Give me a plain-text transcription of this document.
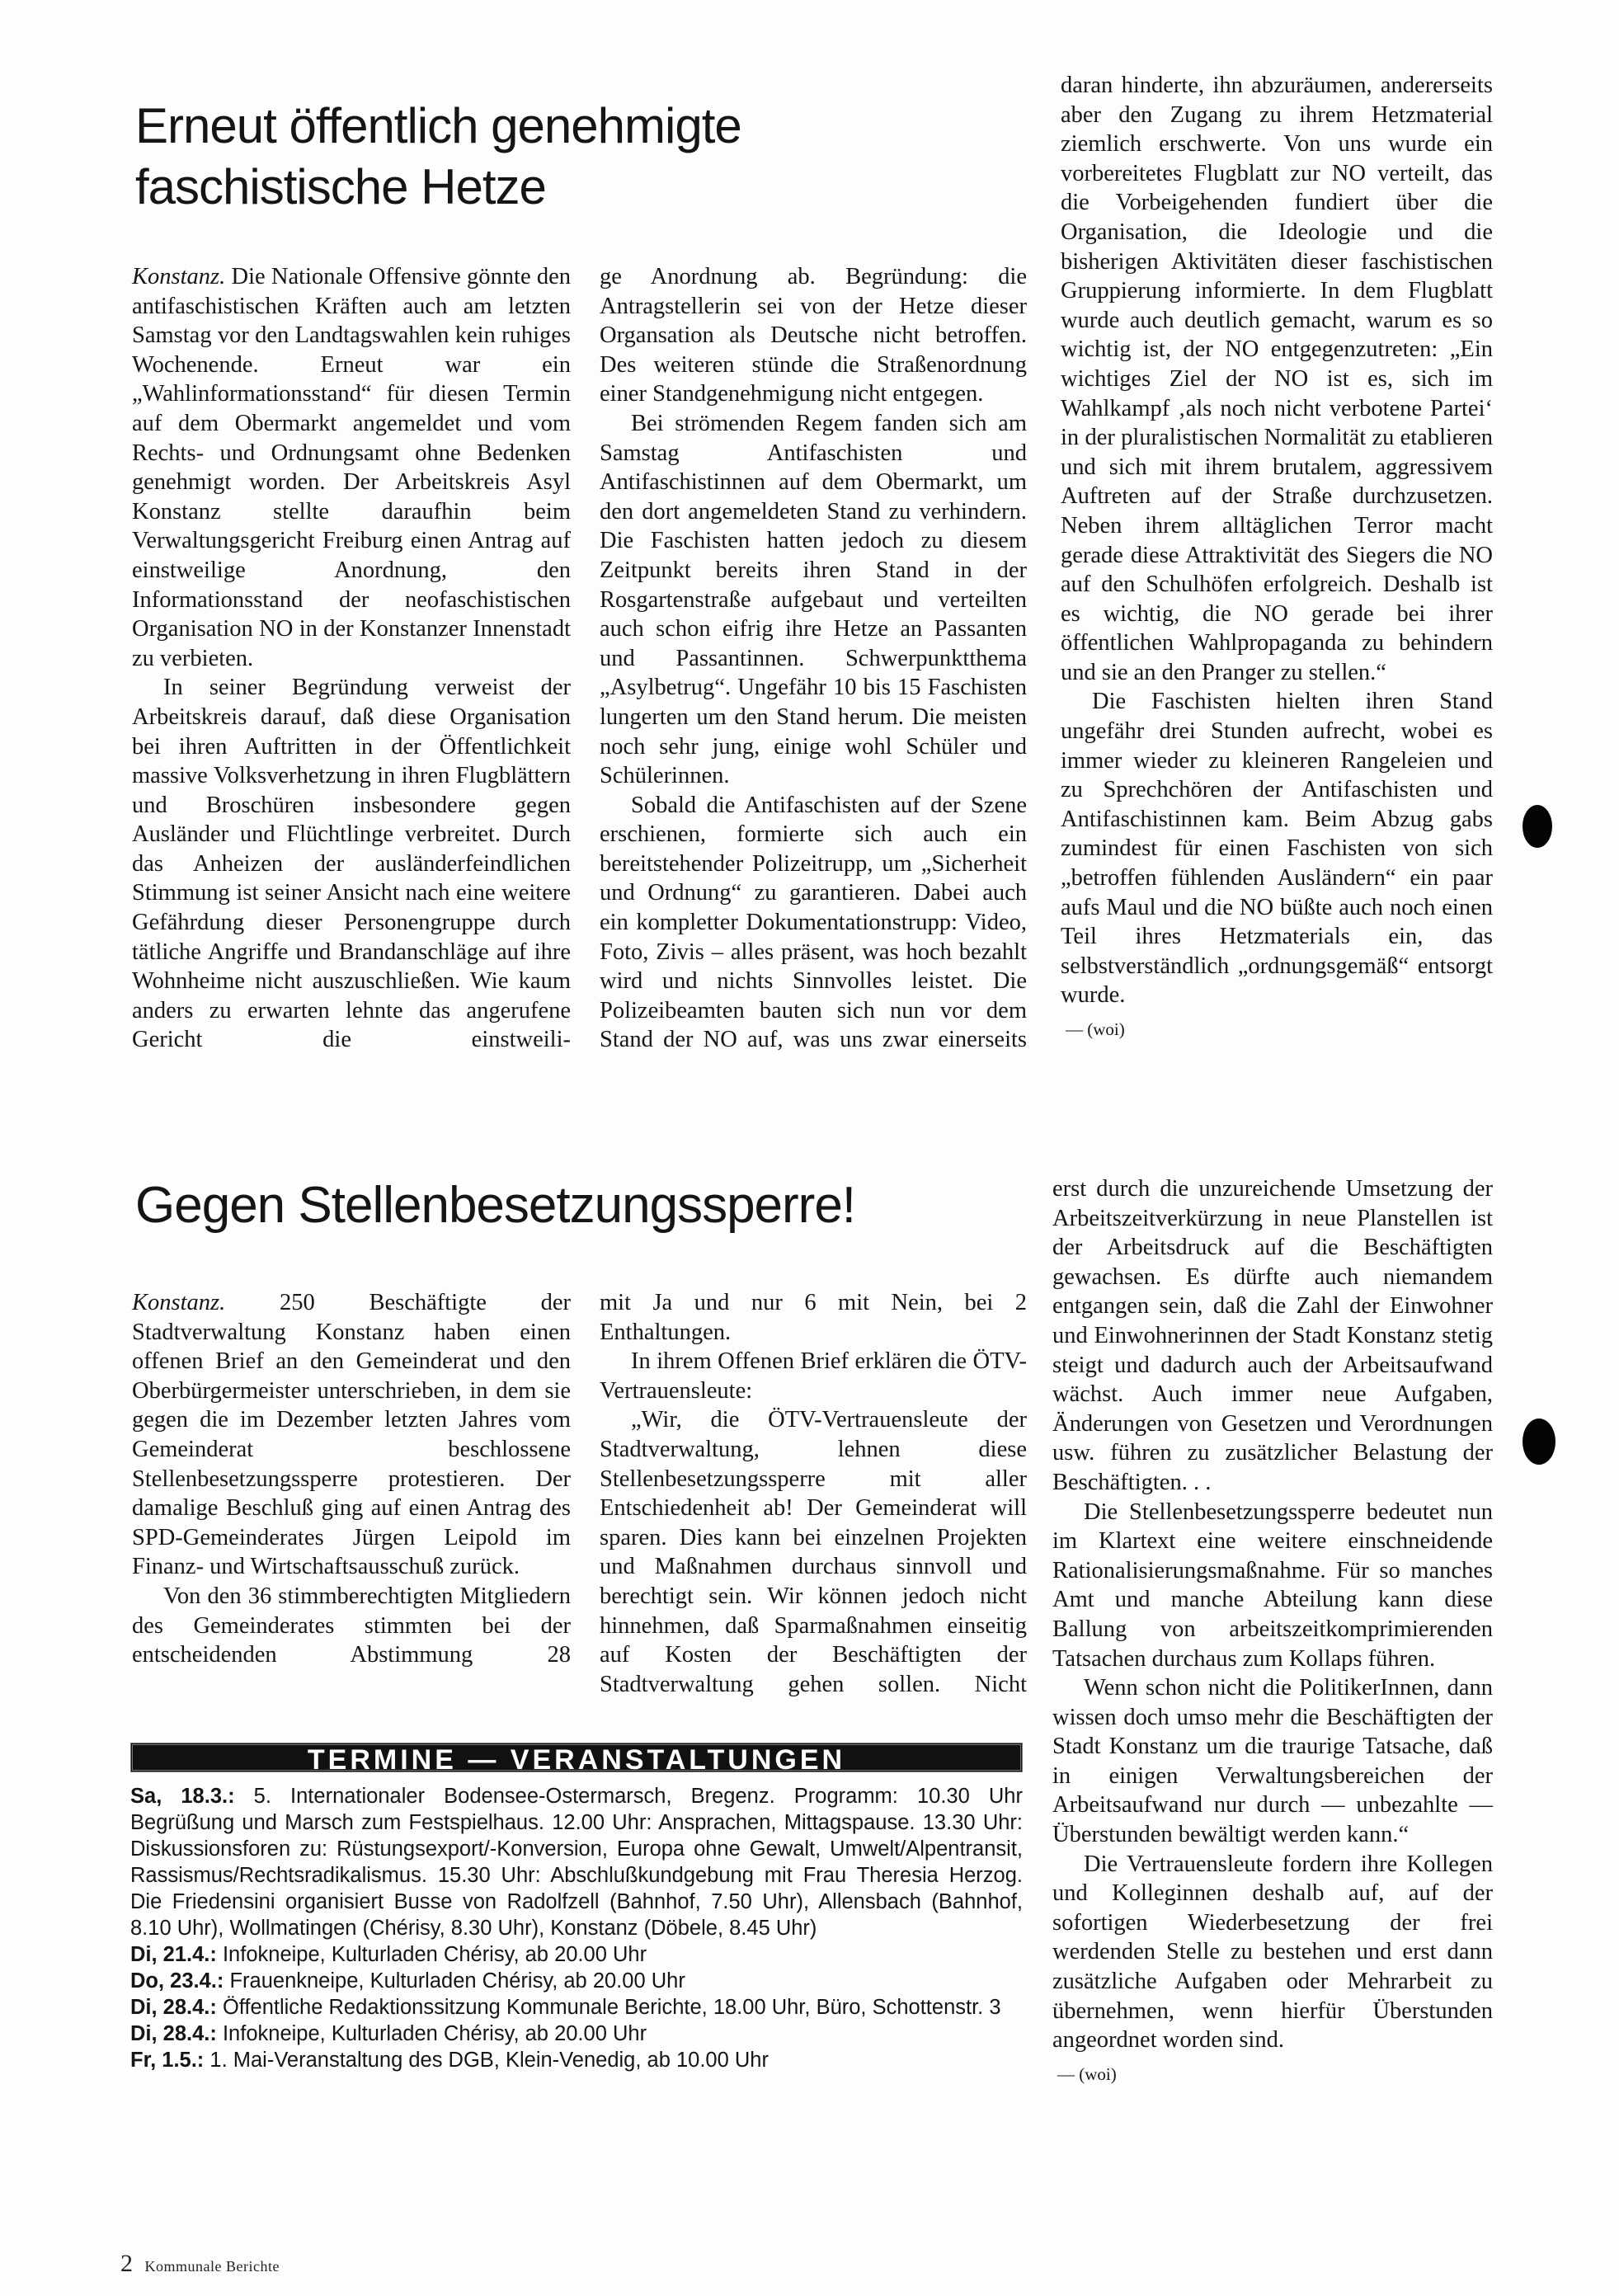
Erneut öffentlich genehmigte
faschistische Hetze

Konstanz. Die Nationale Offensive gönnte den antifaschistischen Kräften auch am letzten Samstag vor den Landtagswahlen kein ruhiges Wochenende. Erneut war ein „Wahlinformationsstand“ für diesen Termin auf dem Obermarkt angemeldet und vom Rechts- und Ordnungsamt ohne Bedenken genehmigt worden. Der Arbeitskreis Asyl Konstanz stellte daraufhin beim Verwaltungsgericht Freiburg einen Antrag auf einstweilige Anordnung, den Informationsstand der neofaschistischen Organisation NO in der Konstanzer Innenstadt zu verbieten.

In seiner Begründung verweist der Arbeitskreis darauf, daß diese Organisation bei ihren Auftritten in der Öffentlichkeit massive Volksverhetzung in ihren Flugblättern und Broschüren insbesondere gegen Ausländer und Flüchtlinge verbreitet. Durch das Anheizen der ausländerfeindlichen Stimmung ist seiner Ansicht nach eine weitere Gefährdung dieser Personengruppe durch tätliche Angriffe und Brandanschläge auf ihre Wohnheime nicht auszuschließen. Wie kaum anders zu erwarten lehnte das angerufene Gericht die einstweili-

ge Anordnung ab. Begründung: die Antragstellerin sei von der Hetze dieser Organsation als Deutsche nicht betroffen. Des weiteren stünde die Straßenordnung einer Standgenehmigung nicht entgegen.

Bei strömenden Regem fanden sich am Samstag Antifaschisten und Antifaschistinnen auf dem Obermarkt, um den dort angemeldeten Stand zu verhindern. Die Faschisten hatten jedoch zu diesem Zeitpunkt bereits ihren Stand in der Rosgartenstraße aufgebaut und verteilten auch schon eifrig ihre Hetze an Passanten und Passantinnen. Schwerpunktthema „Asylbetrug“. Ungefähr 10 bis 15 Faschisten lungerten um den Stand herum. Die meisten noch sehr jung, einige wohl Schüler und Schülerinnen.

Sobald die Antifaschisten auf der Szene erschienen, formierte sich auch ein bereitstehender Polizeitrupp, um „Sicherheit und Ordnung“ zu garantieren. Dabei auch ein kompletter Dokumentationstrupp: Video, Foto, Zivis – alles präsent, was hoch bezahlt wird und nichts Sinnvolles leistet. Die Polizeibeamten bauten sich nun vor dem Stand der NO auf, was uns zwar einerseits

daran hinderte, ihn abzuräumen, andererseits aber den Zugang zu ihrem Hetzmaterial ziemlich erschwerte. Von uns wurde ein vorbereitetes Flugblatt zur NO verteilt, das die Vorbeigehenden fundiert über die Organisation, die Ideologie und die bisherigen Aktivitäten dieser faschistischen Gruppierung informierte. In dem Flugblatt wurde auch deutlich gemacht, warum es so wichtig ist, der NO entgegenzutreten: „Ein wichtiges Ziel der NO ist es, sich im Wahlkampf ‚als noch nicht verbotene Partei‘ in der pluralistischen Normalität zu etablieren und sich mit ihrem brutalem, aggressivem Auftreten auf der Straße durchzusetzen. Neben ihrem alltäglichen Terror macht gerade diese Attraktivität des Siegers die NO auf den Schulhöfen erfolgreich. Deshalb ist es wichtig, die NO gerade bei ihrer öffentlichen Wahlpropaganda zu behindern und sie an den Pranger zu stellen.“

Die Faschisten hielten ihren Stand ungefähr drei Stunden aufrecht, wobei es immer wieder zu kleineren Rangeleien und zu Sprechchören der Antifaschisten und Antifaschistinnen kam. Beim Abzug gabs zumindest für einen Faschisten von sich „betroffen fühlenden Ausländern“ ein paar aufs Maul und die NO büßte auch noch einen Teil ihres Hetzmaterials ein, das selbstverständlich „ordnungsgemäß“ entsorgt wurde.

— (woi)

Gegen Stellenbesetzungssperre!

Konstanz. 250 Beschäftigte der Stadtverwaltung Konstanz haben einen offenen Brief an den Gemeinderat und den Oberbürgermeister unterschrieben, in dem sie gegen die im Dezember letzten Jahres vom Gemeinderat beschlossene Stellenbesetzungssperre protestieren. Der damalige Beschluß ging auf einen Antrag des SPD-Gemeinderates Jürgen Leipold im Finanz- und Wirtschaftsausschuß zurück.

Von den 36 stimmberechtigten Mitgliedern des Gemeinderates stimmten bei der entscheidenden Abstimmung 28

mit Ja und nur 6 mit Nein, bei 2 Enthaltungen.

In ihrem Offenen Brief erklären die ÖTV-Vertrauensleute:

„Wir, die ÖTV-Vertrauensleute der Stadtverwaltung, lehnen diese Stellenbesetzungssperre mit aller Entschiedenheit ab! Der Gemeinderat will sparen. Dies kann bei einzelnen Projekten und Maßnahmen durchaus sinnvoll und berechtigt sein. Wir können jedoch nicht hinnehmen, daß Sparmaßnahmen einseitig auf Kosten der Beschäftigten der Stadtverwaltung gehen sollen. Nicht

erst durch die unzureichende Umsetzung der Arbeitszeitverkürzung in neue Planstellen ist der Arbeitsdruck auf die Beschäftigten gewachsen. Es dürfte auch niemandem entgangen sein, daß die Zahl der Einwohner und Einwohnerinnen der Stadt Konstanz stetig steigt und dadurch auch der Arbeitsaufwand wächst. Auch immer neue Aufgaben, Änderungen von Gesetzen und Verordnungen usw. führen zu zusätzlicher Belastung der Beschäftigten. . .

Die Stellenbesetzungssperre bedeutet nun im Klartext eine weitere einschneidende Rationalisierungsmaßnahme. Für so manches Amt und manche Abteilung kann diese Ballung von arbeitszeitkomprimierenden Tatsachen durchaus zum Kollaps führen.

Wenn schon nicht die PolitikerInnen, dann wissen doch umso mehr die Beschäftigten der Stadt Konstanz um die traurige Tatsache, daß in einigen Verwaltungsbereichen der Arbeitsaufwand nur durch — unbezahlte — Überstunden bewältigt werden kann.“

Die Vertrauensleute fordern ihre Kollegen und Kolleginnen deshalb auf, auf der sofortigen Wiederbesetzung der frei werdenden Stelle zu bestehen und erst dann zusätzliche Aufgaben oder Mehrarbeit zu übernehmen, wenn hierfür Überstunden angeordnet worden sind.

— (woi)

TERMINE — VERANSTALTUNGEN

Sa, 18.3.: 5. Internationaler Bodensee-Ostermarsch, Bregenz. Programm: 10.30 Uhr Begrüßung und Marsch zum Festspielhaus. 12.00 Uhr: Ansprachen, Mittagspause. 13.30 Uhr: Diskussionsforen zu: Rüstungsexport/-Konversion, Europa ohne Gewalt, Umwelt/Alpentransit, Rassismus/Rechtsradikalismus. 15.30 Uhr: Abschlußkundgebung mit Frau Theresia Herzog. Die Friedensini organisiert Busse von Radolfzell (Bahnhof, 7.50 Uhr), Allensbach (Bahnhof, 8.10 Uhr), Wollmatingen (Chérisy, 8.30 Uhr), Konstanz (Döbele, 8.45 Uhr)

Di, 21.4.: Infokneipe, Kulturladen Chérisy, ab 20.00 Uhr

Do, 23.4.: Frauenkneipe, Kulturladen Chérisy, ab 20.00 Uhr

Di, 28.4.: Öffentliche Redaktionssitzung Kommunale Berichte, 18.00 Uhr, Büro, Schottenstr. 3

Di, 28.4.: Infokneipe, Kulturladen Chérisy, ab 20.00 Uhr

Fr, 1.5.: 1. Mai-Veranstaltung des DGB, Klein-Venedig, ab 10.00 Uhr

2 Kommunale Berichte
